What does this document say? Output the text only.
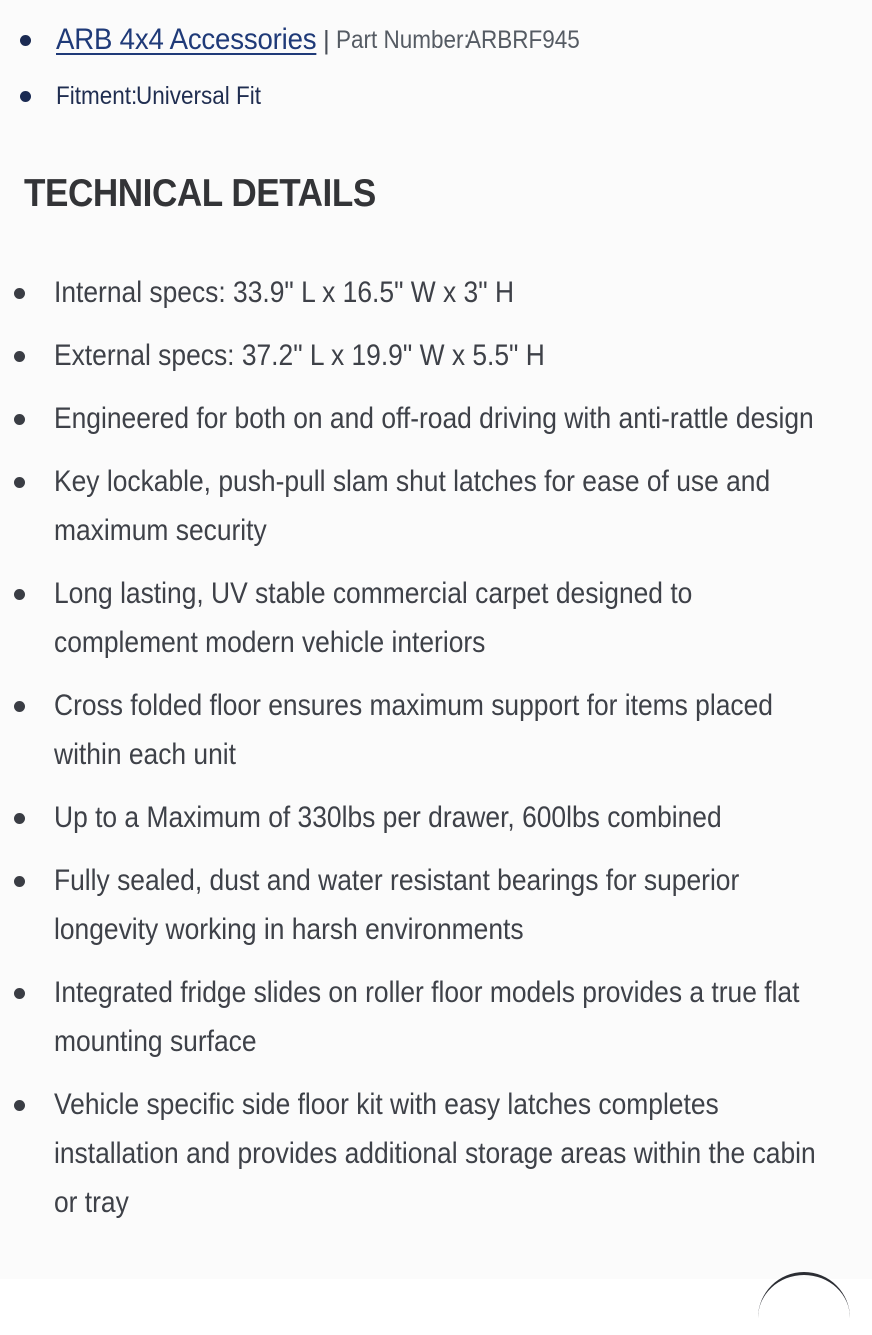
ARB 4x4 Accessories | Part Number:
ARBRF945
Fitment: Universal Fit
TECHNICAL DETAILS
Internal specs: 33.9" L x 16.5" W x 3" H
External specs: 37.2" L x 19.9" W x 5.5" H
Engineered for both on and off-road driving with anti-rattle design
Key lockable, push-pull slam shut latches for ease of use and maximum security
Long lasting, UV stable commercial carpet designed to complement modern vehicle interiors
Cross folded floor ensures maximum support for items placed within each unit
Up to a Maximum of 330lbs per drawer, 600lbs combined
Fully sealed, dust and water resistant bearings for superior longevity working in harsh environments
Integrated fridge slides on roller floor models provides a true flat mounting surface
Vehicle specific side floor kit with easy latches completes installation and provides additional storage areas within the cabin or tray
